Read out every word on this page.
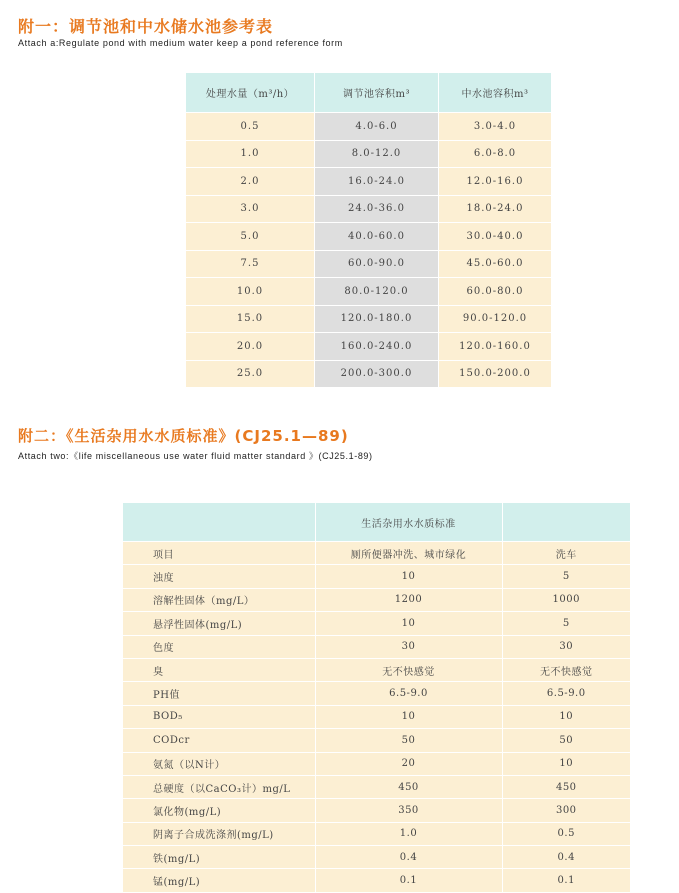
附一：调节池和中水储水池参考表
Attach a:Regulate pond with medium water keep a pond reference form
处理水量（m³/h）	调节池容积m³	中水池容积m³
0.5	4.0-6.0	3.0-4.0
1.0	8.0-12.0	6.0-8.0
2.0	16.0-24.0	12.0-16.0
3.0	24.0-36.0	18.0-24.0
5.0	40.0-60.0	30.0-40.0
7.5	60.0-90.0	45.0-60.0
10.0	80.0-120.0	60.0-80.0
15.0	120.0-180.0	90.0-120.0
20.0	160.0-240.0	120.0-160.0
25.0	200.0-300.0	150.0-200.0
附二：《生活杂用水水质标准》(CJ25.1—89)
Attach two:《life miscellaneous use water fluid matter standard 》(CJ25.1-89)
	生活杂用水水质标准	
项目	厕所便器冲洗、城市绿化	洗车
浊度	10	5
溶解性固体（mg/L）	1200	1000
悬浮性固体(mg/L)	10	5
色度	30	30
臭	无不快感觉	无不快感觉
PH值	6.5-9.0	6.5-9.0
BOD₅	10	10
CODcr	50	50
氨氮（以N计）	20	10
总硬度（以CaCO₃计）mg/L	450	450
氯化物(mg/L)	350	300
阴离子合成洗涤剂(mg/L)	1.0	0.5
铁(mg/L)	0.4	0.4
锰(mg/L)	0.1	0.1
